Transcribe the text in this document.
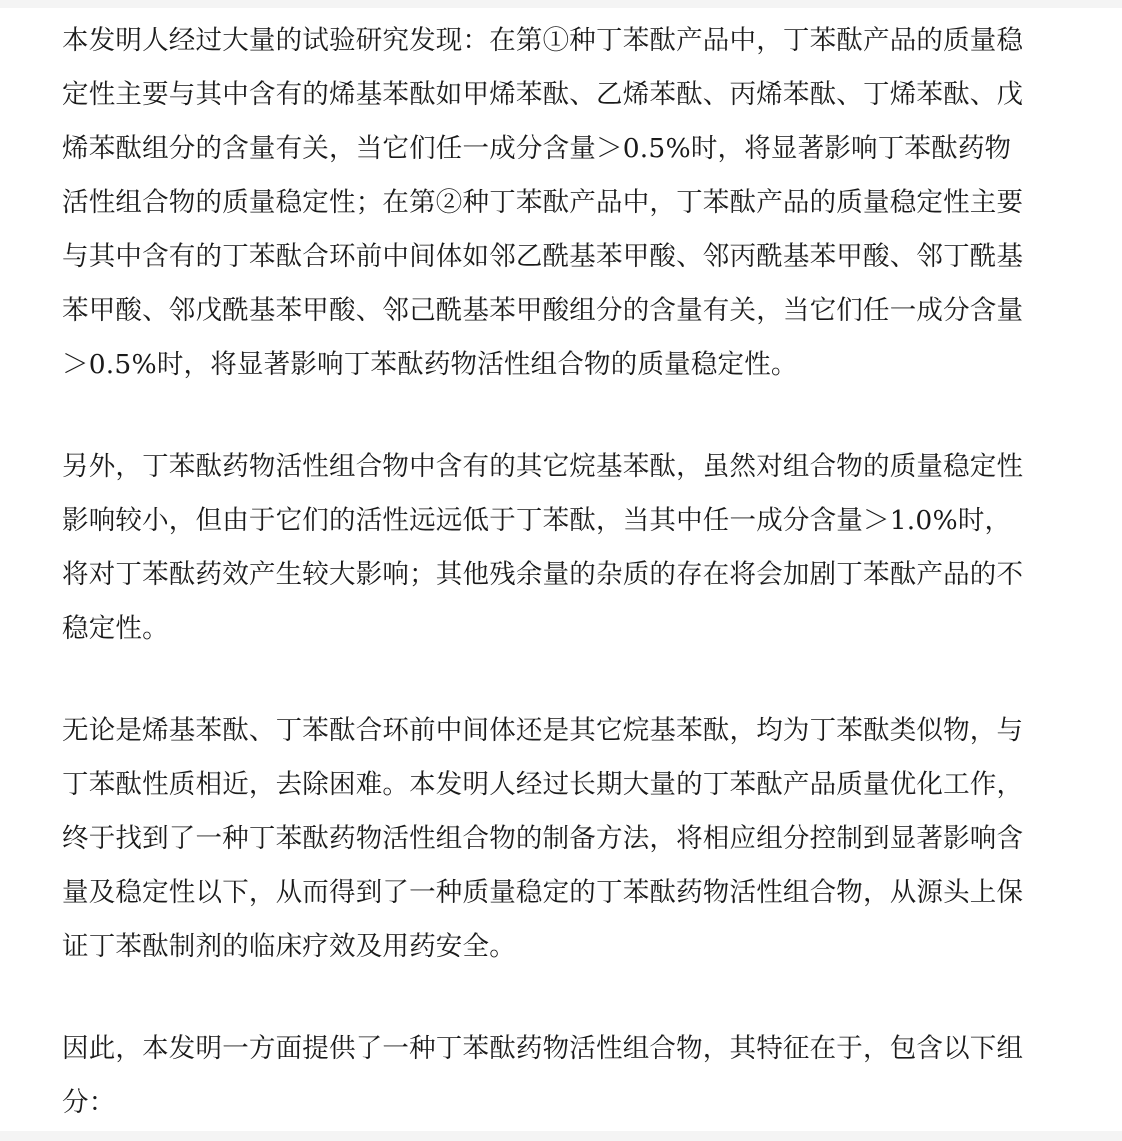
本发明人经过大量的试验研究发现：在第①种丁苯酞产品中，丁苯酞产品的质量稳
定性主要与其中含有的烯基苯酞如甲烯苯酞、乙烯苯酞、丙烯苯酞、丁烯苯酞、戊
烯苯酞组分的含量有关，当它们任一成分含量＞0.5%时，将显著影响丁苯酞药物
活性组合物的质量稳定性；在第②种丁苯酞产品中，丁苯酞产品的质量稳定性主要
与其中含有的丁苯酞合环前中间体如邻乙酰基苯甲酸、邻丙酰基苯甲酸、邻丁酰基
苯甲酸、邻戊酰基苯甲酸、邻己酰基苯甲酸组分的含量有关，当它们任一成分含量
＞0.5%时，将显著影响丁苯酞药物活性组合物的质量稳定性。

另外，丁苯酞药物活性组合物中含有的其它烷基苯酞，虽然对组合物的质量稳定性
影响较小，但由于它们的活性远远低于丁苯酞，当其中任一成分含量＞1.0%时，
将对丁苯酞药效产生较大影响；其他残余量的杂质的存在将会加剧丁苯酞产品的不
稳定性。

无论是烯基苯酞、丁苯酞合环前中间体还是其它烷基苯酞，均为丁苯酞类似物，与
丁苯酞性质相近，去除困难。本发明人经过长期大量的丁苯酞产品质量优化工作，
终于找到了一种丁苯酞药物活性组合物的制备方法，将相应组分控制到显著影响含
量及稳定性以下，从而得到了一种质量稳定的丁苯酞药物活性组合物，从源头上保
证丁苯酞制剂的临床疗效及用药安全。

因此，本发明一方面提供了一种丁苯酞药物活性组合物，其特征在于，包含以下组
分：
